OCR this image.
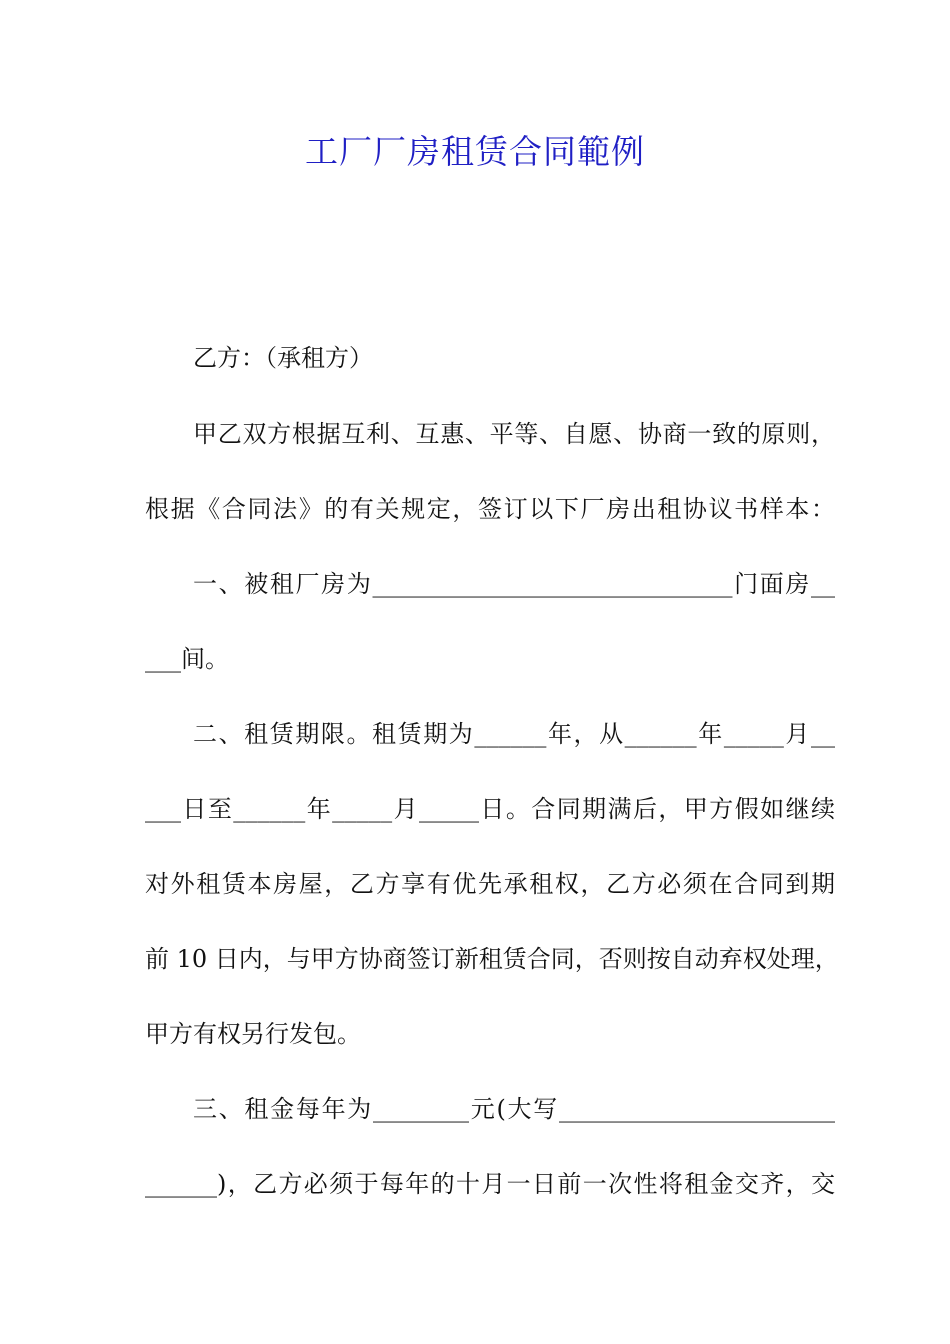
工厂厂房租赁合同範例
乙方：（承租方）
甲乙双方根据互利、互惠、平等、自愿、协商一致的原则，
根据《合同法》的有关规定，签订以下厂房出租协议书样本：
一、被租厂房为______________________________门面房__
___间。
二、租赁期限。租赁期为______年，从______年_____月__
___日至______年_____月_____日。合同期满后，甲方假如继续
对外租赁本房屋，乙方享有优先承租权，乙方必须在合同到期
前 10 日内，与甲方协商签订新租赁合同，否则按自动弃权处理，
甲方有权另行发包。
三、租金每年为________元(大写_______________________
______)，乙方必须于每年的十月一日前一次性将租金交齐，交
